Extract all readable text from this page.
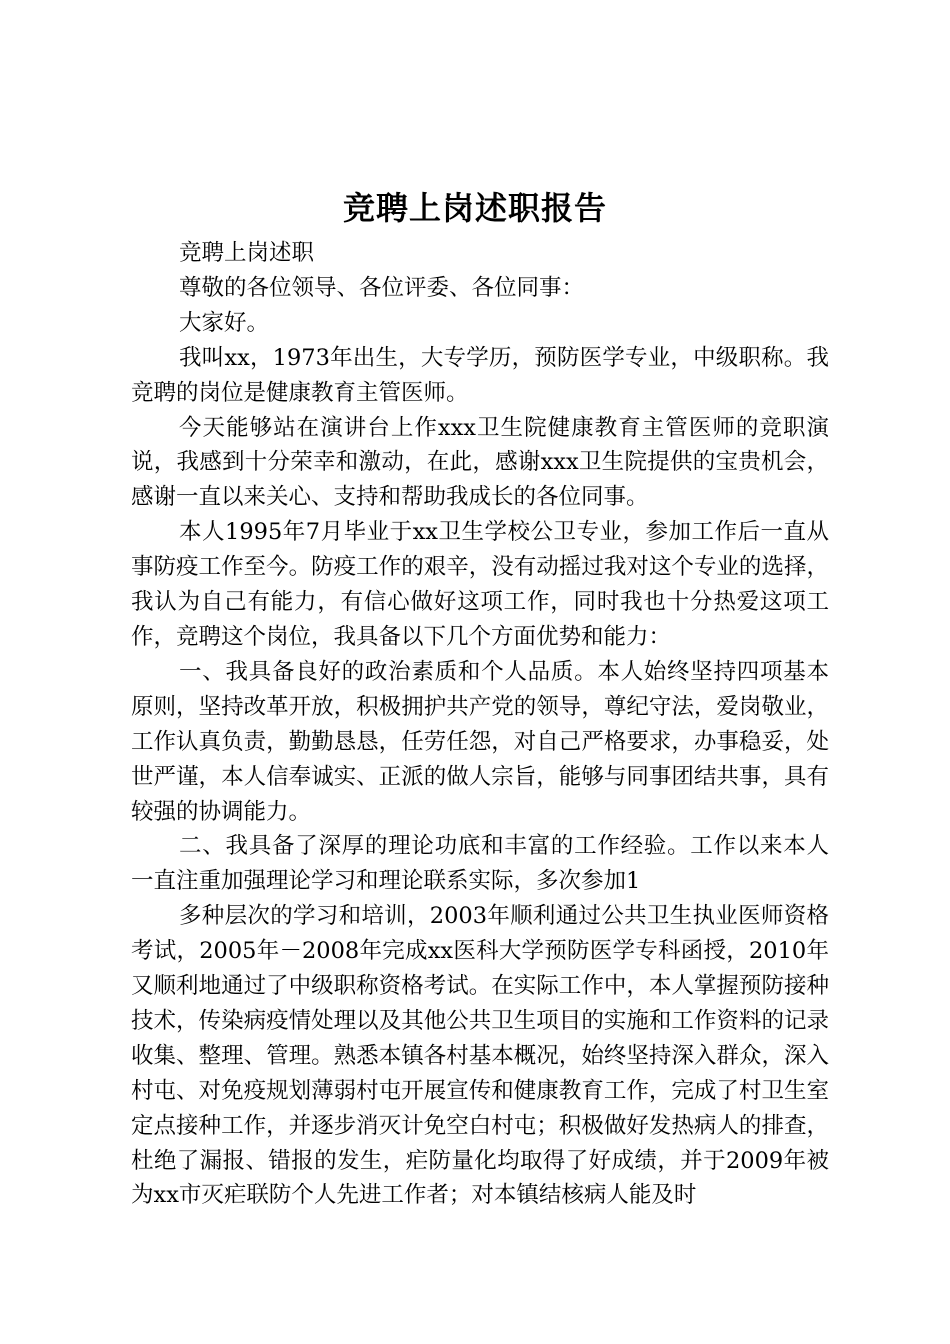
竞聘上岗述职报告

竞聘上岗述职

尊敬的各位领导、各位评委、各位同事：

大家好。

我叫xx，1973年出生，大专学历，预防医学专业，中级职称。我竞聘的岗位是健康教育主管医师。

今天能够站在演讲台上作xxx卫生院健康教育主管医师的竞职演说，我感到十分荣幸和激动，在此，感谢xxx卫生院提供的宝贵机会，感谢一直以来关心、支持和帮助我成长的各位同事。

本人1995年7月毕业于xx卫生学校公卫专业，参加工作后一直从事防疫工作至今。防疫工作的艰辛，没有动摇过我对这个专业的选择，我认为自己有能力，有信心做好这项工作，同时我也十分热爱这项工作，竞聘这个岗位，我具备以下几个方面优势和能力：

一、我具备良好的政治素质和个人品质。本人始终坚持四项基本原则，坚持改革开放，积极拥护共产党的领导，尊纪守法，爱岗敬业，工作认真负责，勤勤恳恳，任劳任怨，对自己严格要求，办事稳妥，处世严谨，本人信奉诚实、正派的做人宗旨，能够与同事团结共事，具有较强的协调能力。

二、我具备了深厚的理论功底和丰富的工作经验。工作以来本人一直注重加强理论学习和理论联系实际，多次参加1

多种层次的学习和培训，2003年顺利通过公共卫生执业医师资格考试，2005年－2008年完成xx医科大学预防医学专科函授，2010年又顺利地通过了中级职称资格考试。在实际工作中，本人掌握预防接种技术，传染病疫情处理以及其他公共卫生项目的实施和工作资料的记录收集、整理、管理。熟悉本镇各村基本概况，始终坚持深入群众，深入村屯、对免疫规划薄弱村屯开展宣传和健康教育工作，完成了村卫生室定点接种工作，并逐步消灭计免空白村屯；积极做好发热病人的排查，杜绝了漏报、错报的发生，疟防量化均取得了好成绩，并于2009年被为xx市灭疟联防个人先进工作者；对本镇结核病人能及时
